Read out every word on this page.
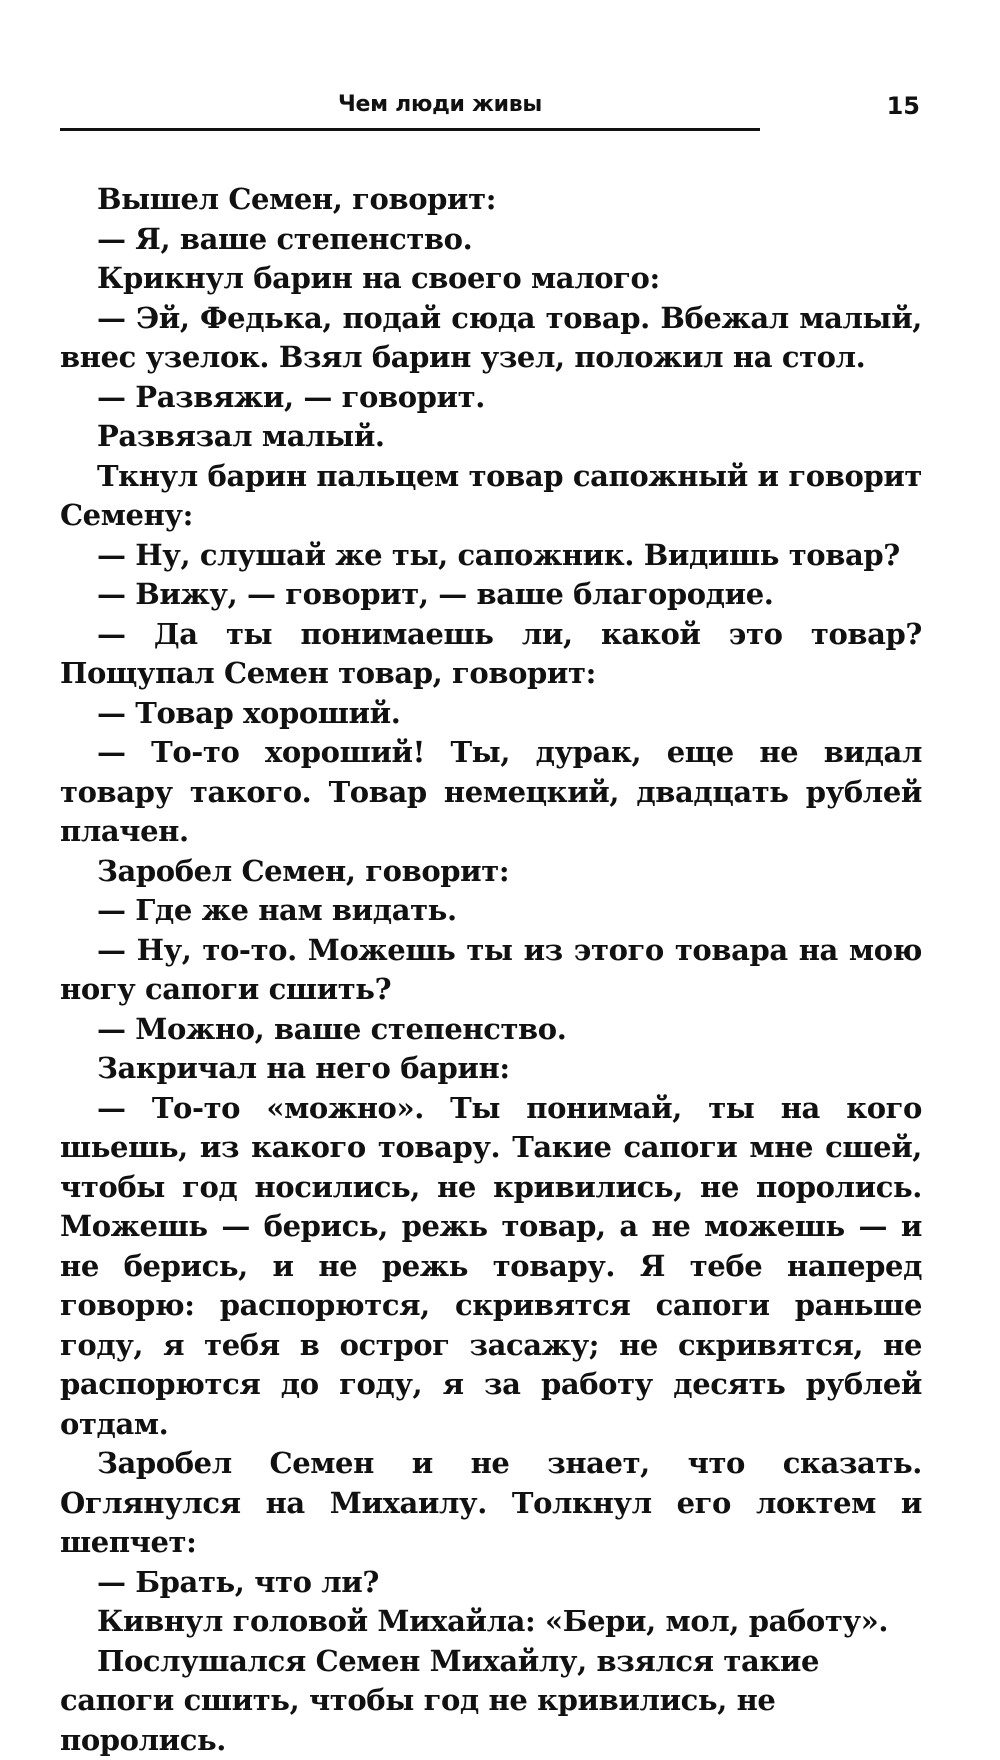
Чем люди живы	15

Вышел Семен, говорит:

— Я, ваше степенство.

Крикнул барин на своего малого:

— Эй, Федька, подай сюда товар. Вбежал малый, внес узелок. Взял барин узел, положил на стол.

— Развяжи, — говорит.

Развязал малый.

Ткнул барин пальцем товар сапожный и говорит Семену:

— Ну, слушай же ты, сапожник. Видишь товар?

— Вижу, — говорит, — ваше благородие.

— Да ты понимаешь ли, какой это товар? Пощупал Семен товар, говорит:

— Товар хороший.

— То-то хороший! Ты, дурак, еще не видал товару такого. Товар немецкий, двадцать рублей плачен.

Заробел Семен, говорит:

— Где же нам видать.

— Ну, то-то. Можешь ты из этого товара на мою ногу сапоги сшить?

— Можно, ваше степенство.

Закричал на него барин:

— То-то «можно». Ты понимай, ты на кого шьешь, из какого товару. Такие сапоги мне сшей, чтобы год носились, не кривились, не поролись. Можешь — берись, режь товар, а не можешь — и не берись, и не режь товару. Я тебе наперед говорю: распорются, скривятся сапоги раньше году, я тебя в острог засажу; не скривятся, не распорются до году, я за работу десять рублей отдам.

Заробел Семен и не знает, что сказать. Оглянулся на Михаилу. Толкнул его локтем и шепчет:

— Брать, что ли?

Кивнул головой Михайла: «Бери, мол, работу».

Послушался Семен Михайлу, взялся такие сапоги сшить, чтобы год не кривились, не поролись.
